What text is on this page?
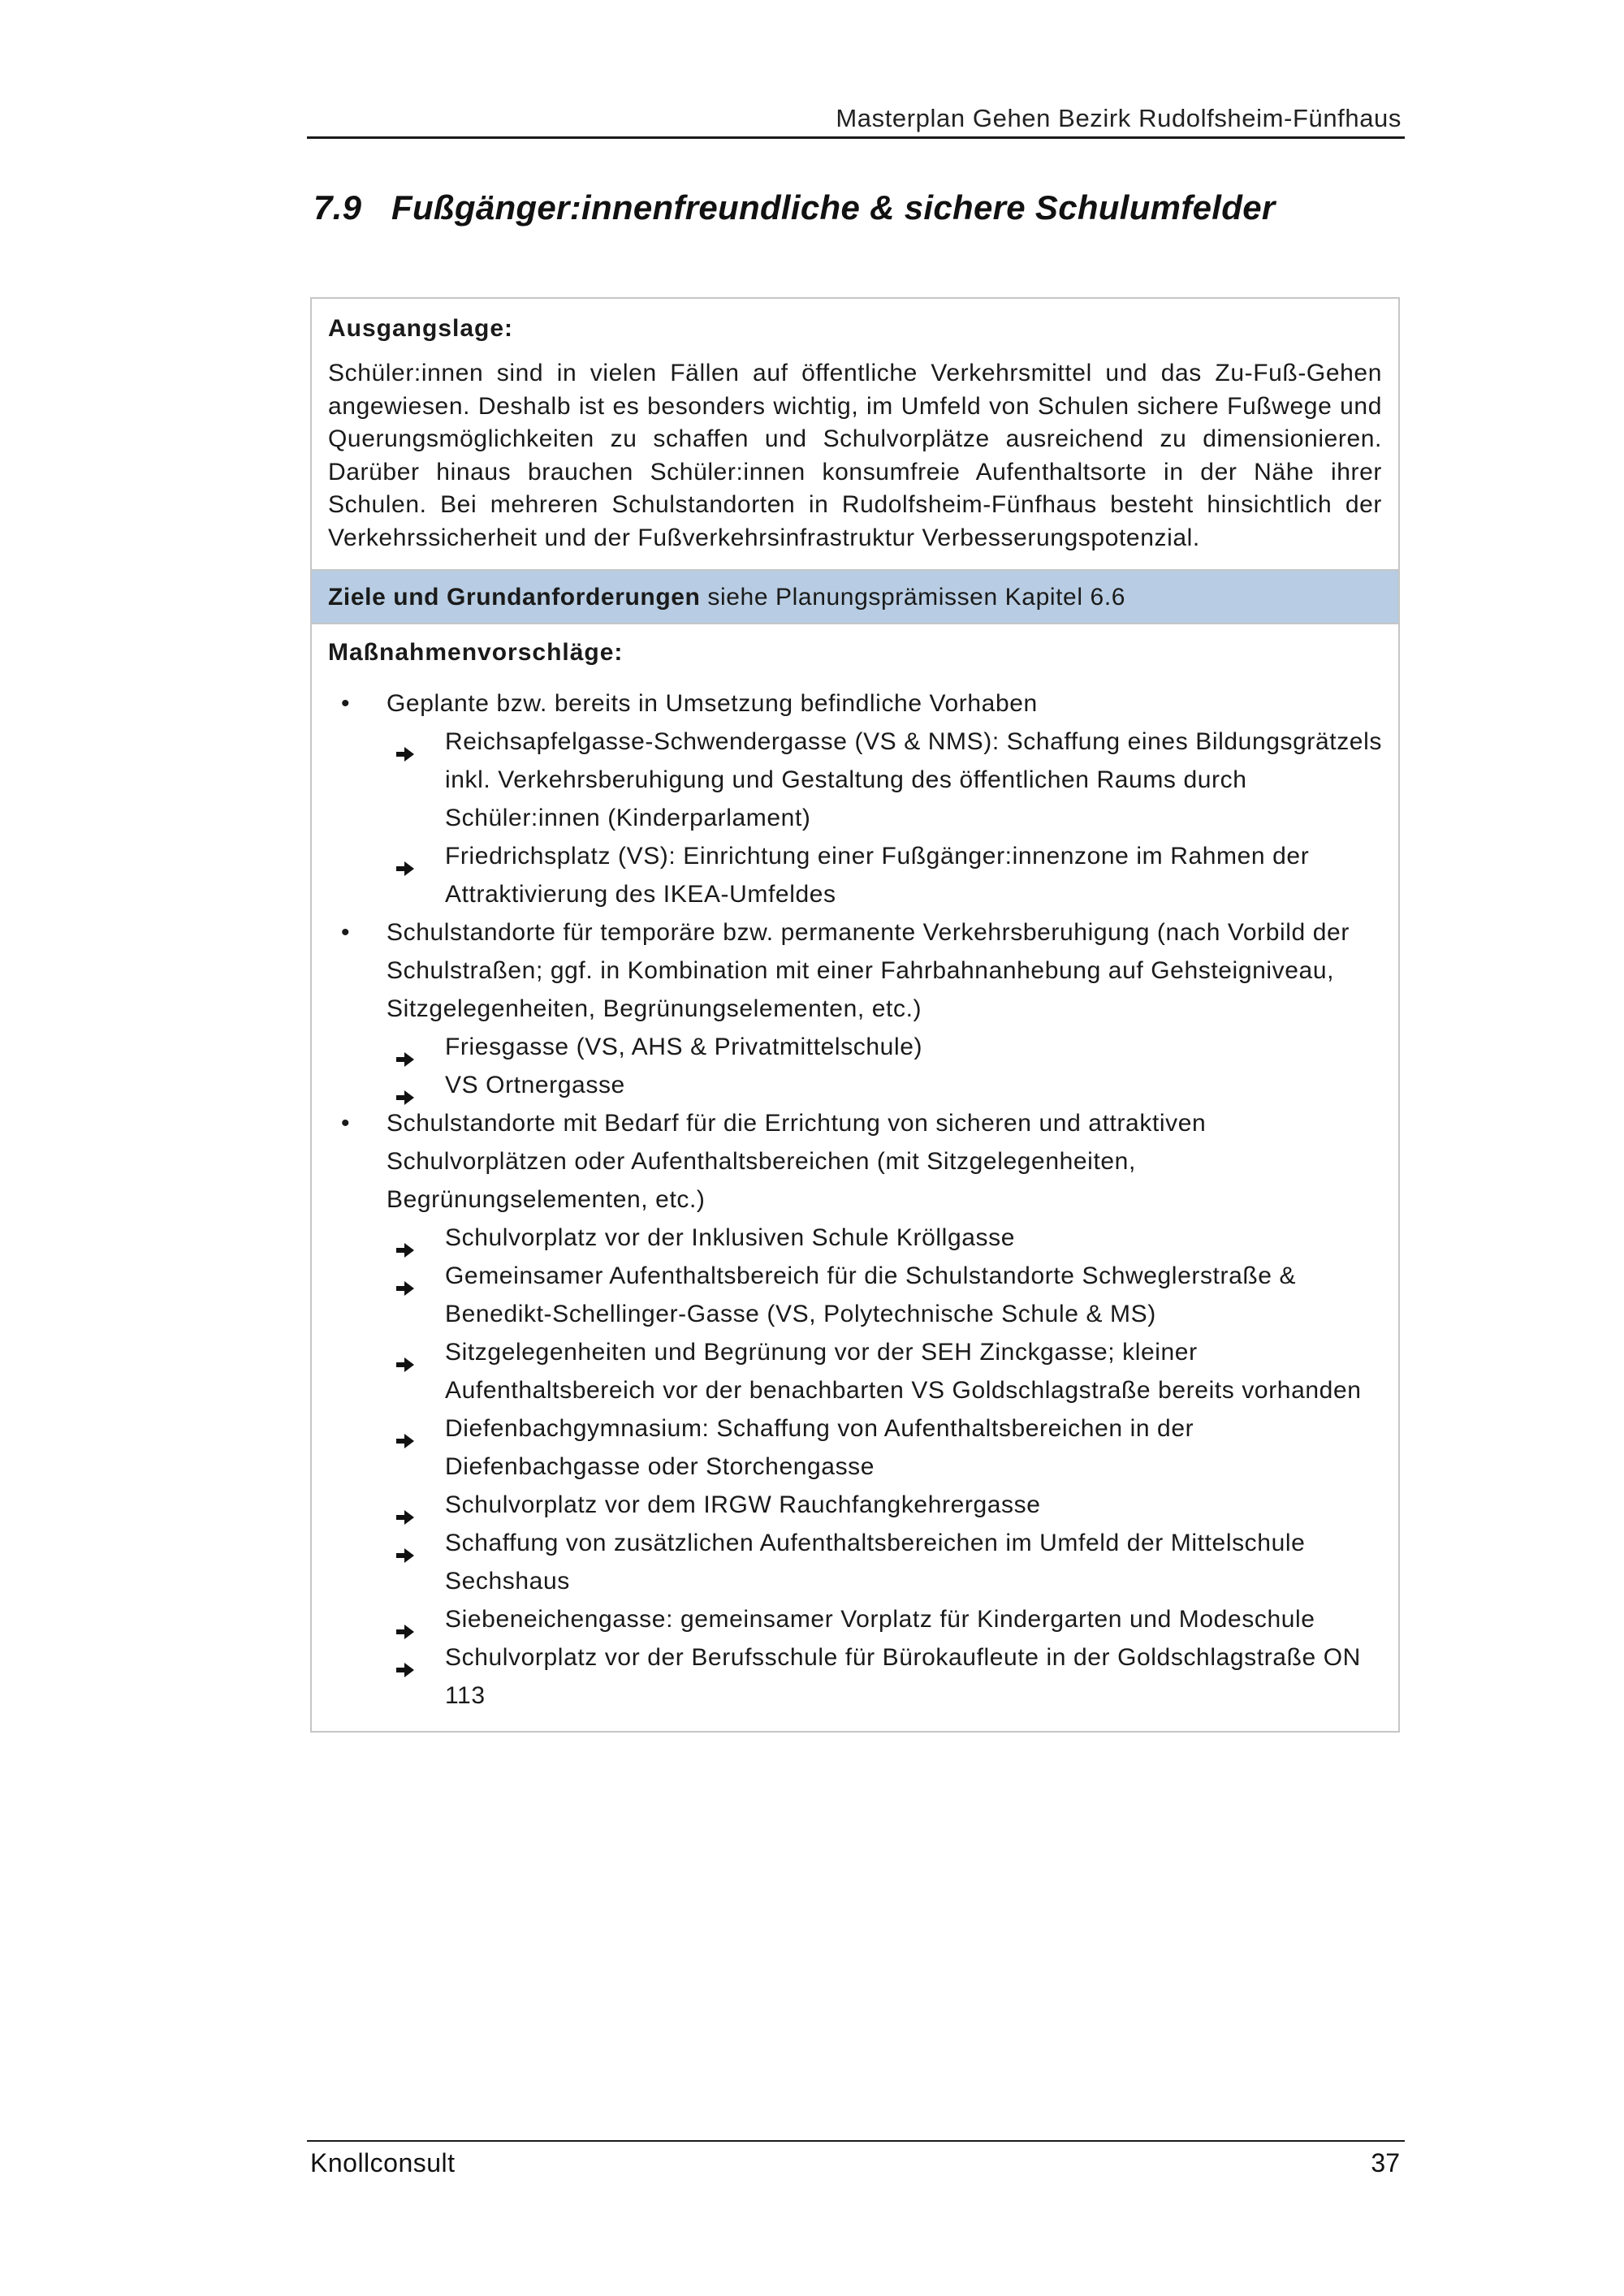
Masterplan Gehen Bezirk Rudolfsheim-Fünfhaus
7.9 Fußgänger:innenfreundliche & sichere Schulumfelder

Ausgangslage:

Schüler:innen sind in vielen Fällen auf öffentliche Verkehrsmittel und das Zu-Fuß-Gehen angewiesen. Deshalb ist es besonders wichtig, im Umfeld von Schulen sichere Fußwege und Querungsmöglichkeiten zu schaffen und Schulvorplätze ausreichend zu dimensionieren. Darüber hinaus brauchen Schüler:innen konsumfreie Aufenthaltsorte in der Nähe ihrer Schulen. Bei mehreren Schulstandorten in Rudolfsheim-Fünfhaus besteht hinsichtlich der Verkehrssicherheit und der Fußverkehrsinfrastruktur Verbesserungspotenzial.

Ziele und Grundanforderungen siehe Planungsprämissen Kapitel 6.6

Maßnahmenvorschläge:

• Geplante bzw. bereits in Umsetzung befindliche Vorhaben
Reichsapfelgasse-Schwendergasse (VS & NMS): Schaffung eines Bildungsgrätzels inkl. Verkehrsberuhigung und Gestaltung des öffentlichen Raums durch Schüler:innen (Kinderparlament)
Friedrichsplatz (VS): Einrichtung einer Fußgänger:innenzone im Rahmen der Attraktivierung des IKEA-Umfeldes
• Schulstandorte für temporäre bzw. permanente Verkehrsberuhigung (nach Vorbild der Schulstraßen; ggf. in Kombination mit einer Fahrbahnanhebung auf Gehsteigniveau, Sitzgelegenheiten, Begrünungselementen, etc.)
Friesgasse (VS, AHS & Privatmittelschule)
VS Ortnergasse
• Schulstandorte mit Bedarf für die Errichtung von sicheren und attraktiven Schulvorplätzen oder Aufenthaltsbereichen (mit Sitzgelegenheiten, Begrünungselementen, etc.)
Schulvorplatz vor der Inklusiven Schule Kröllgasse
Gemeinsamer Aufenthaltsbereich für die Schulstandorte Schweglerstraße & Benedikt-Schellinger-Gasse (VS, Polytechnische Schule & MS)
Sitzgelegenheiten und Begrünung vor der SEH Zinckgasse; kleiner Aufenthaltsbereich vor der benachbarten VS Goldschlagstraße bereits vorhanden
Diefenbachgymnasium: Schaffung von Aufenthaltsbereichen in der Diefenbachgasse oder Storchengasse
Schulvorplatz vor dem IRGW Rauchfangkehrergasse
Schaffung von zusätzlichen Aufenthaltsbereichen im Umfeld der Mittelschule Sechshaus
Siebeneichengasse: gemeinsamer Vorplatz für Kindergarten und Modeschule
Schulvorplatz vor der Berufsschule für Bürokaufleute in der Goldschlagstraße ON 113
Knollconsult	37
